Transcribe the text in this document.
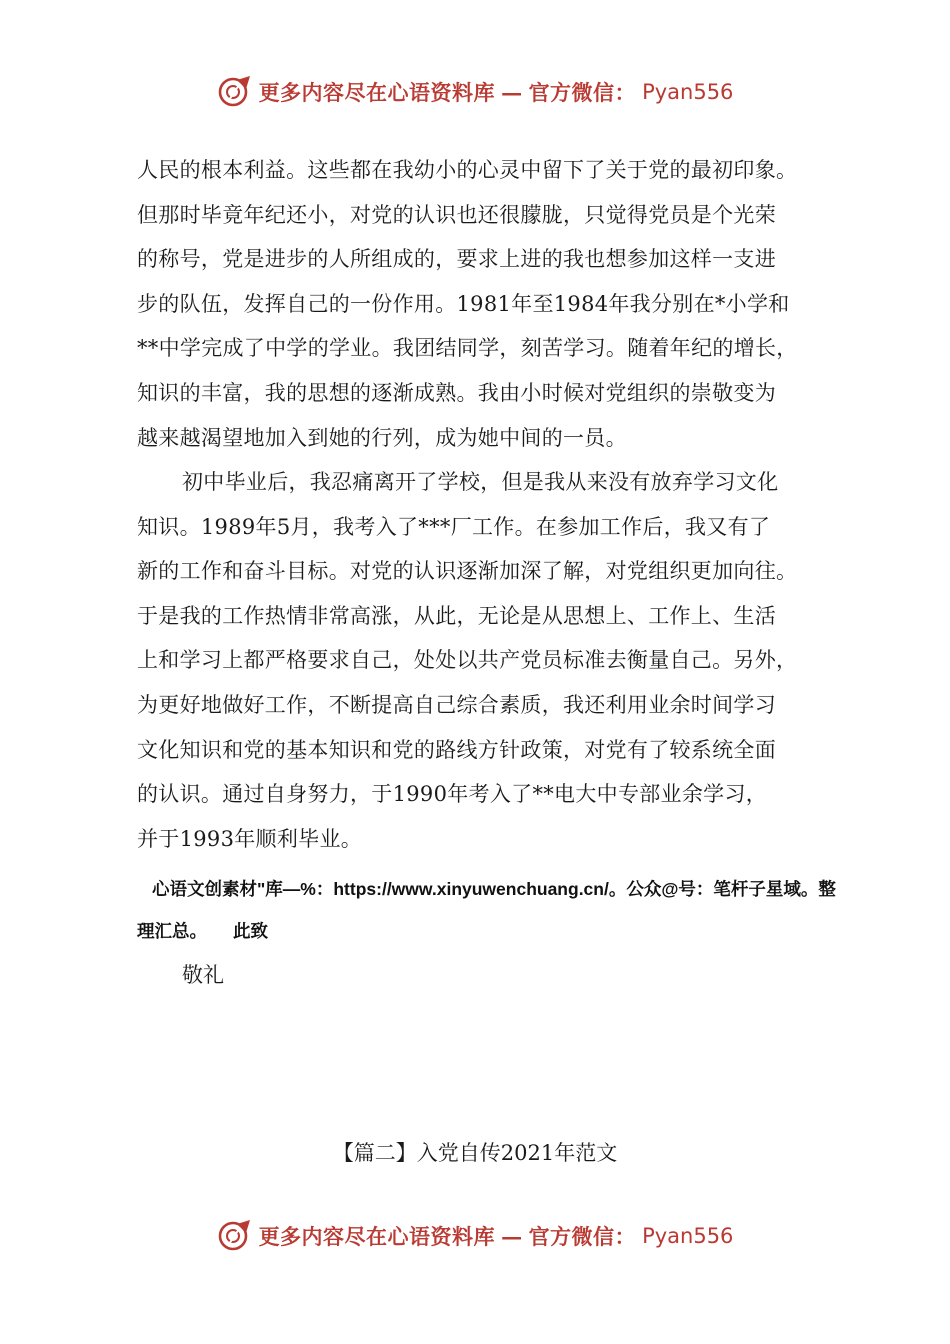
更多内容尽在心语资料库 — 官方微信： Pyan556
人民的根本利益。这些都在我幼小的心灵中留下了关于党的最初印象。
但那时毕竟年纪还小，对党的认识也还很朦胧，只觉得党员是个光荣
的称号，党是进步的人所组成的，要求上进的我也想参加这样一支进
步的队伍，发挥自己的一份作用。1981年至1984年我分别在*小学和
**中学完成了中学的学业。我团结同学，刻苦学习。随着年纪的增长，
知识的丰富，我的思想的逐渐成熟。我由小时候对党组织的崇敬变为
越来越渴望地加入到她的行列，成为她中间的一员。
初中毕业后，我忍痛离开了学校，但是我从来没有放弃学习文化
知识。1989年5月，我考入了***厂工作。在参加工作后，我又有了
新的工作和奋斗目标。对党的认识逐渐加深了解，对党组织更加向往。
于是我的工作热情非常高涨，从此，无论是从思想上、工作上、生活
上和学习上都严格要求自己，处处以共产党员标准去衡量自己。另外，
为更好地做好工作，不断提高自己综合素质，我还利用业余时间学习
文化知识和党的基本知识和党的路线方针政策，对党有了较系统全面
的认识。通过自身努力，于1990年考入了**电大中专部业余学习，
并于1993年顺利毕业。
心语文创素材"库—%：https://www.xinyuwenchuang.cn/。公众@号：笔杆子星域。整
理汇总。 此致
敬礼
【篇二】入党自传2021年范文
更多内容尽在心语资料库 — 官方微信： Pyan556
